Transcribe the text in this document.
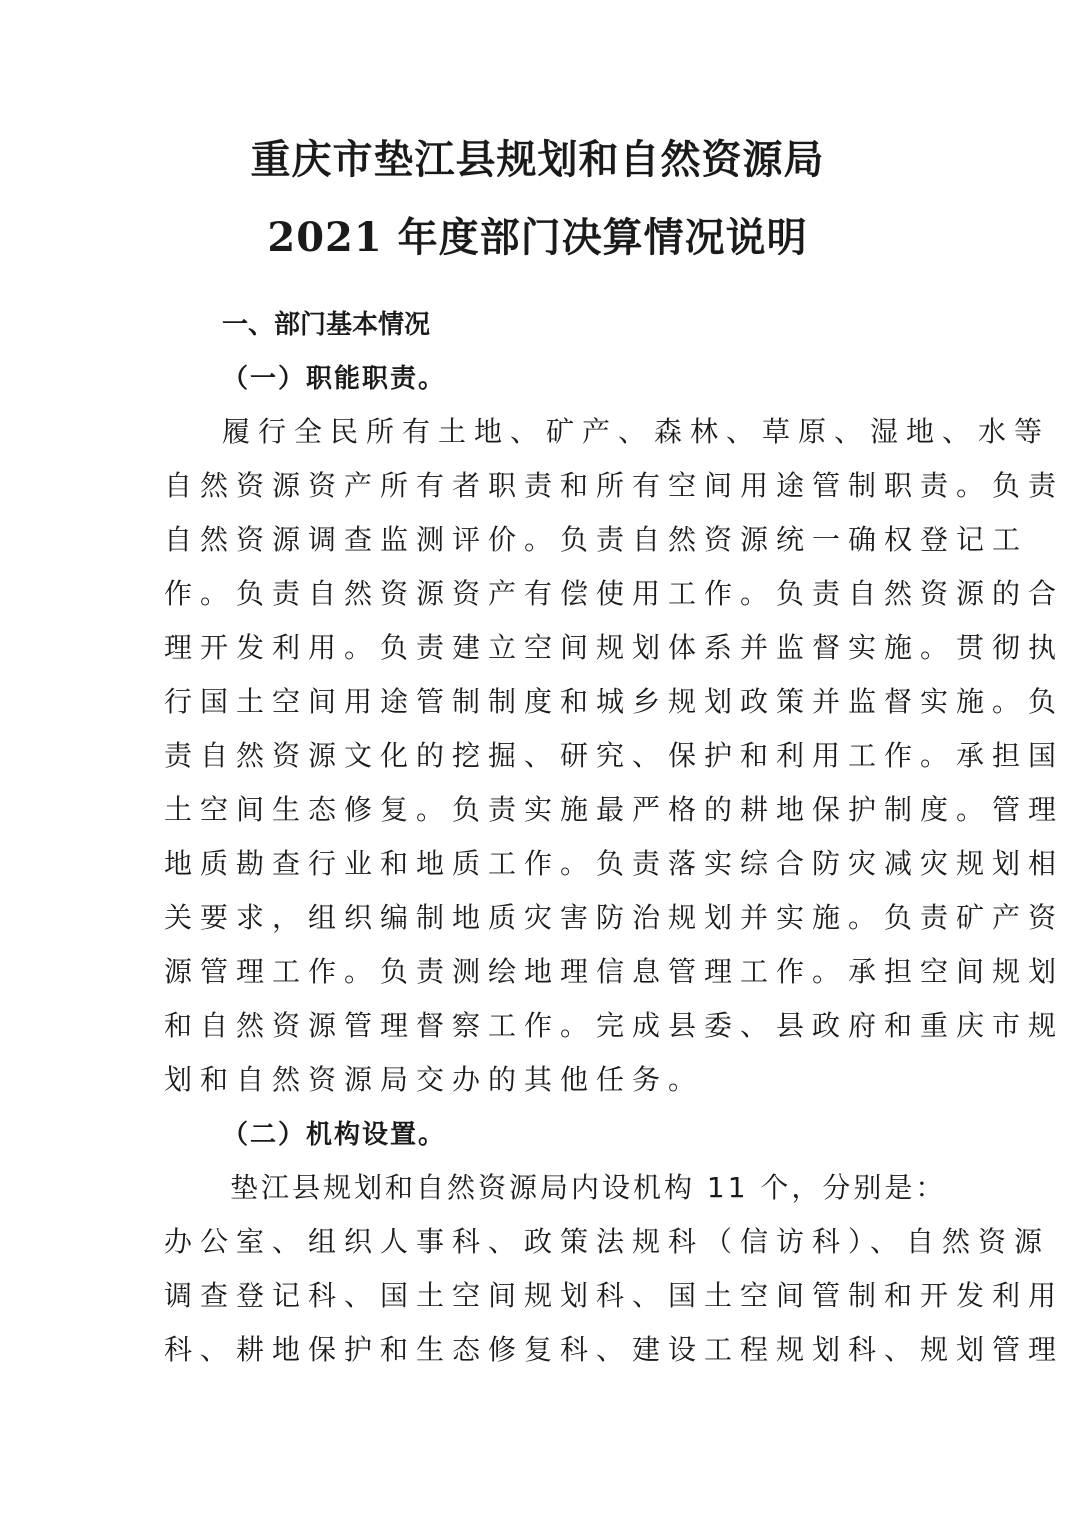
重庆市垫江县规划和自然资源局
2021 年度部门决算情况说明

一、部门基本情况

（一）职能职责。

履行全民所有土地、矿产、森林、草原、湿地、水等

自然资源资产所有者职责和所有空间用途管制职责。负责

自然资源调查监测评价。负责自然资源统一确权登记工

作。负责自然资源资产有偿使用工作。负责自然资源的合

理开发利用。负责建立空间规划体系并监督实施。贯彻执

行国土空间用途管制制度和城乡规划政策并监督实施。负

责自然资源文化的挖掘、研究、保护和利用工作。承担国

土空间生态修复。负责实施最严格的耕地保护制度。管理

地质勘查行业和地质工作。负责落实综合防灾减灾规划相

关要求，组织编制地质灾害防治规划并实施。负责矿产资

源管理工作。负责测绘地理信息管理工作。承担空间规划

和自然资源管理督察工作。完成县委、县政府和重庆市规

划和自然资源局交办的其他任务。

（二）机构设置。

垫江县规划和自然资源局内设机构 11 个，分别是：

办公室、组织人事科、政策法规科（信访科）、自然资源

调查登记科、国土空间规划科、国土空间管制和开发利用

科、耕地保护和生态修复科、建设工程规划科、规划管理
